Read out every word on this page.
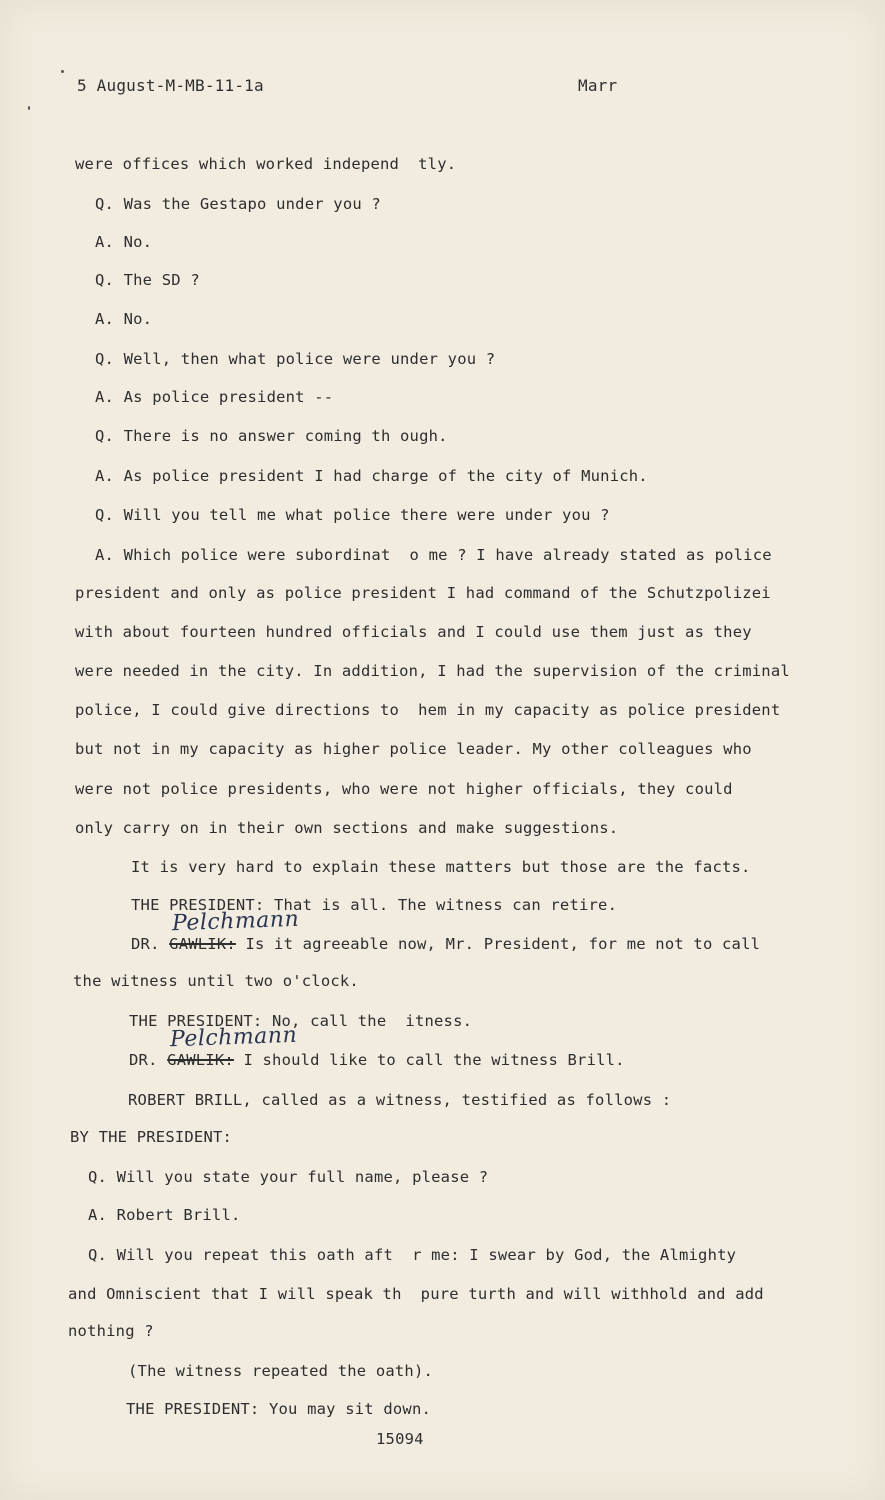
5 August-M-MB-11-1a	Marr
were offices which worked independ  tly.
Q. Was the Gestapo under you ?
A. No.
Q. The SD ?
A. No.
Q. Well, then what police were under you ?
A. As police president --
Q. There is no answer coming th ough.
A. As police president I had charge of the city of Munich.
Q. Will you tell me what police there were under you ?
A. Which police were subordinat  o me ? I have already stated as police
president and only as police president I had command of the Schutzpolizei
with about fourteen hundred officials and I could use them just as they
were needed in the city. In addition, I had the supervision of the criminal
police, I could give directions to  hem in my capacity as police president
but not in my capacity as higher police leader. My other colleagues who
were not police presidents, who were not higher officials, they could
only carry on in their own sections and make suggestions.
It is very hard to explain these matters but those are the facts.
THE PRESIDENT: That is all. The witness can retire.
Pelchmann
DR. GAWLIK: Is it agreeable now, Mr. President, for me not to call
the witness until two o'clock.
THE PRESIDENT: No, call the  itness.
Pelchmann
DR. GAWLIK: I should like to call the witness Brill.
ROBERT BRILL, called as a witness, testified as follows :
BY THE PRESIDENT:
Q. Will you state your full name, please ?
A. Robert Brill.
Q. Will you repeat this oath aft  r me: I swear by God, the Almighty
and Omniscient that I will speak th  pure turth and will withhold and add
nothing ?
(The witness repeated the oath).
THE PRESIDENT: You may sit down.
15094
